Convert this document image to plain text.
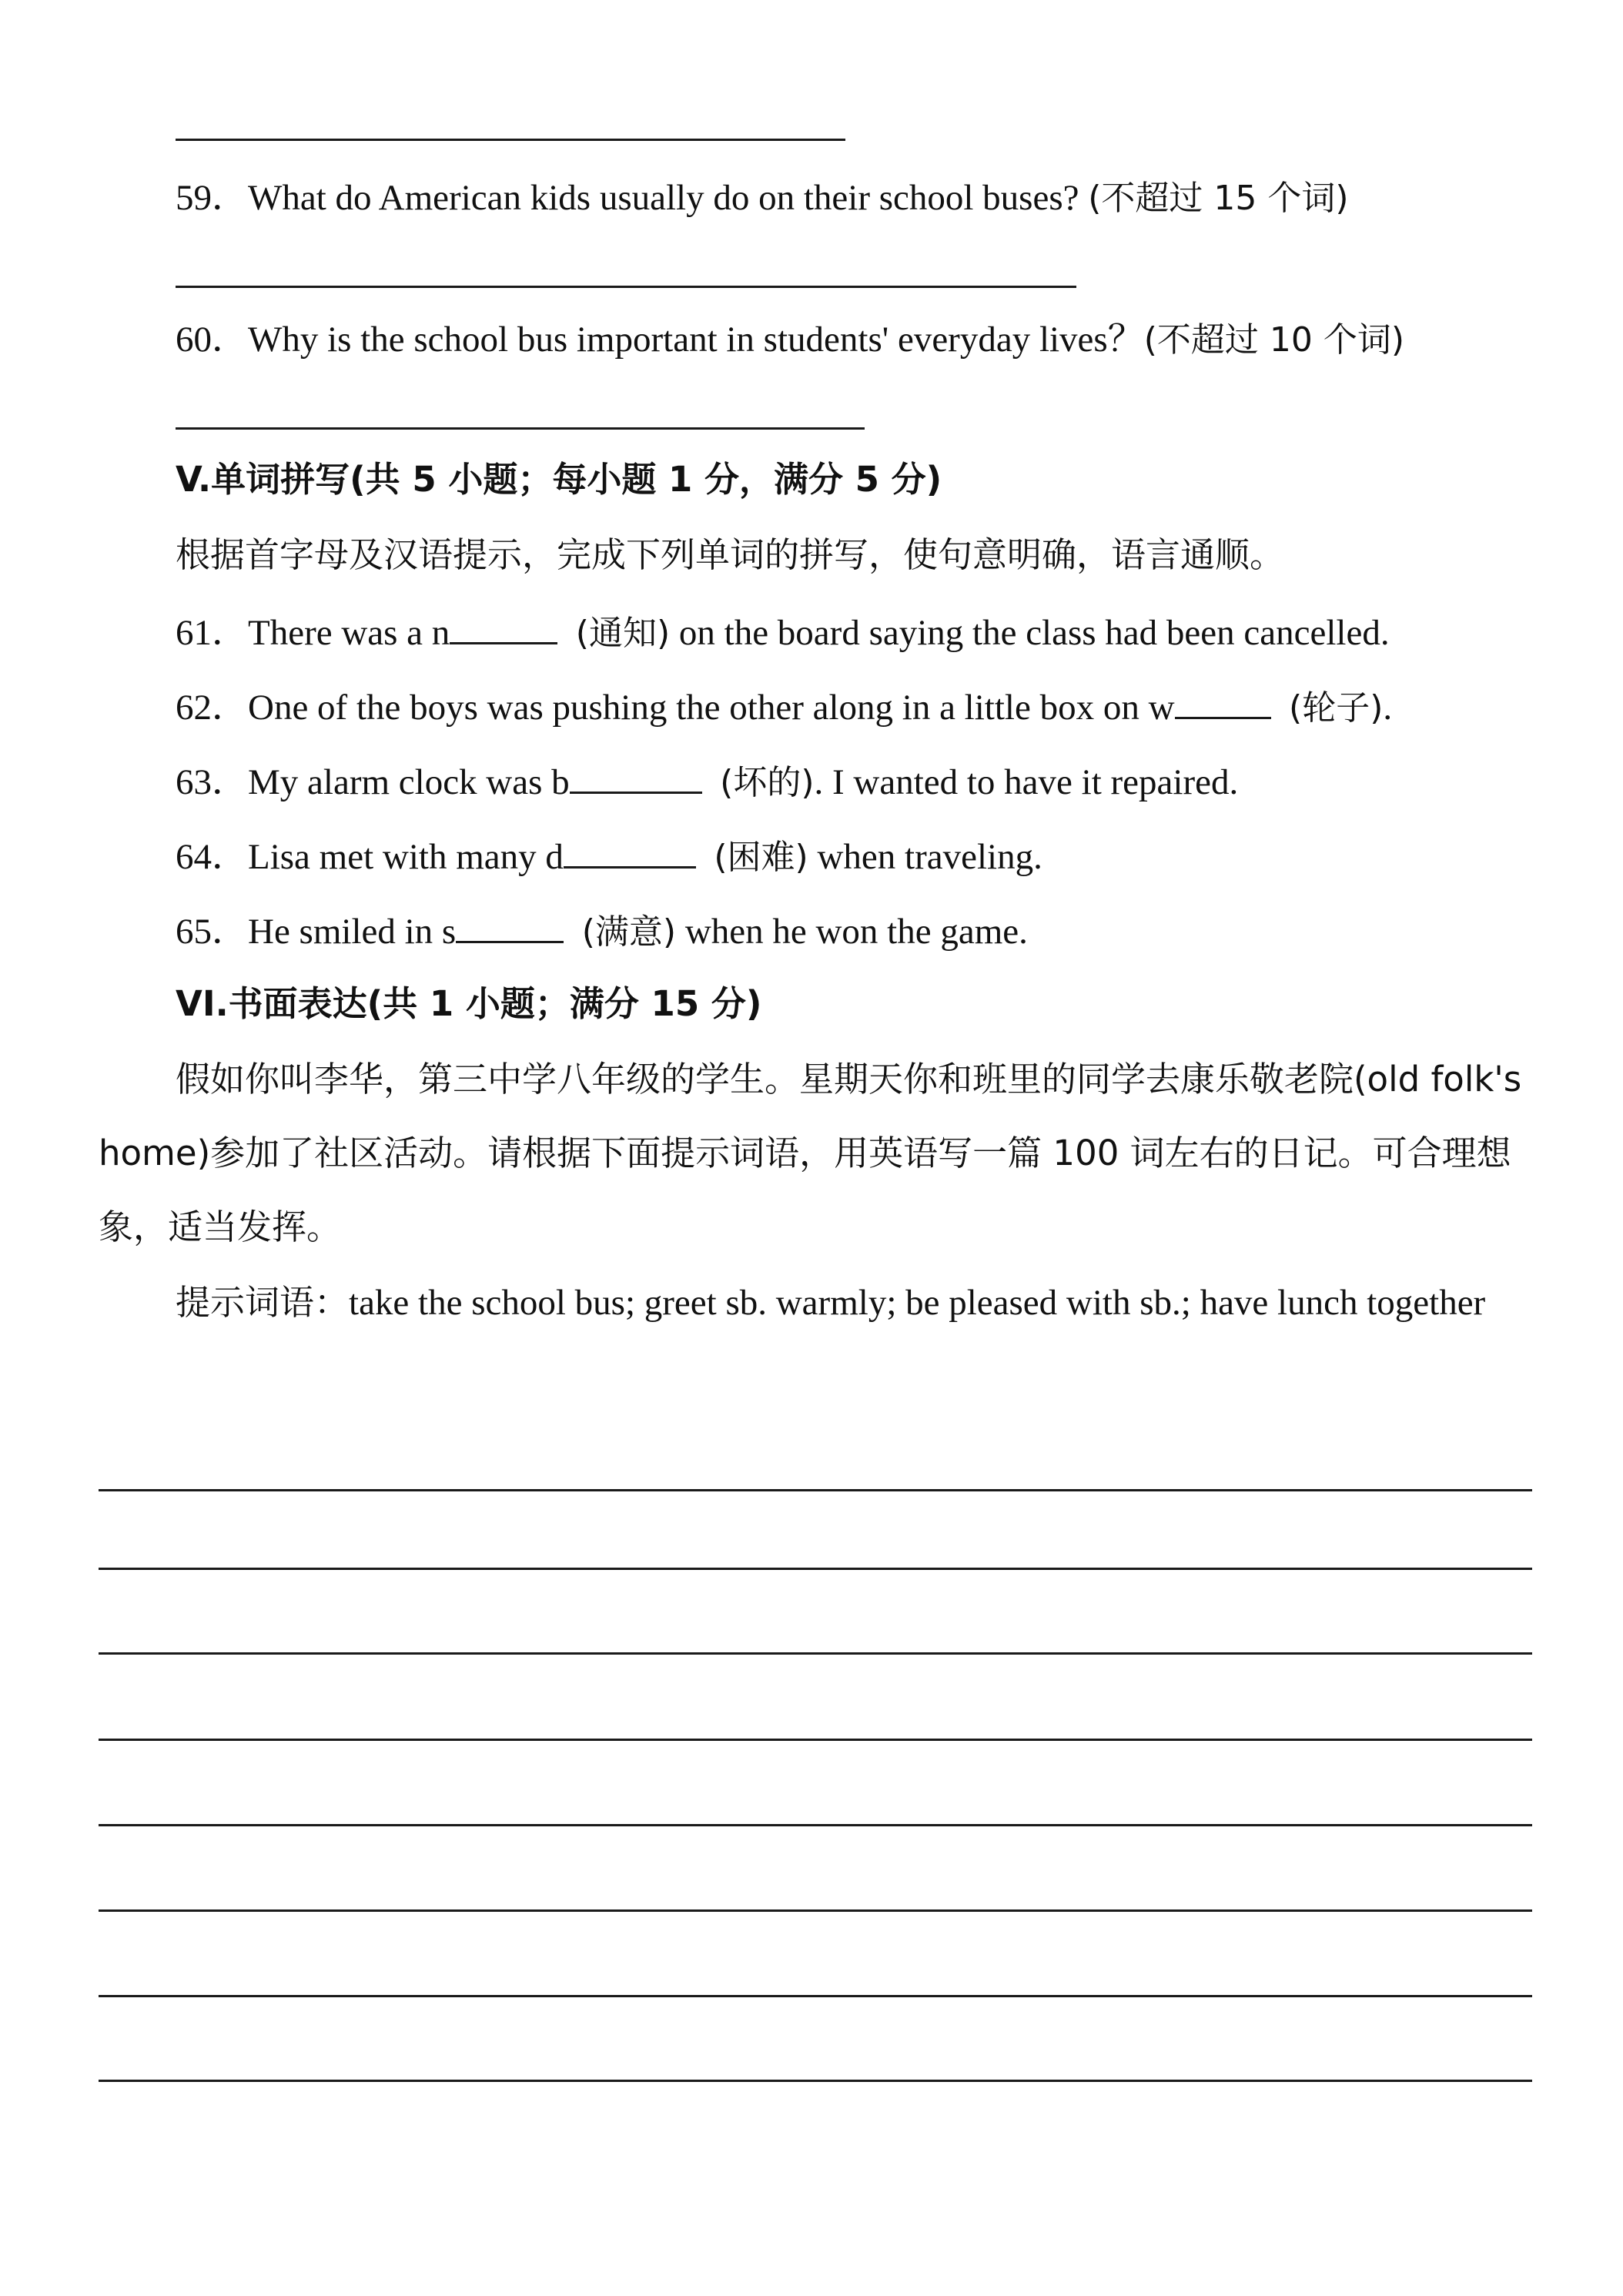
59．What do American kids usually do on their school buses? (不超过 15 个词)
60．Why is the school bus important in students' everyday lives？(不超过 10 个词)
V.单词拼写(共 5 小题；每小题 1 分，满分 5 分)
根据首字母及汉语提示，完成下列单词的拼写，使句意明确，语言通顺。
61．There was a n	(通知) on the board saying the class had been cancelled.
62．One of the boys was pushing the other along in a little box on w	(轮子).
63．My alarm clock was b	(坏的). I wanted to have it repaired.
64．Lisa met with many d	(困难) when traveling.
65．He smiled in s	(满意) when he won the game.
VI.书面表达(共 1 小题；满分 15 分)
假如你叫李华，第三中学八年级的学生。星期天你和班里的同学去康乐敬老院(old folk's home)参加了社区活动。请根据下面提示词语，用英语写一篇 100 词左右的日记。可合理想象，适当发挥。
提示词语：take the school bus; greet sb. warmly; be pleased with sb.; have lunch together
